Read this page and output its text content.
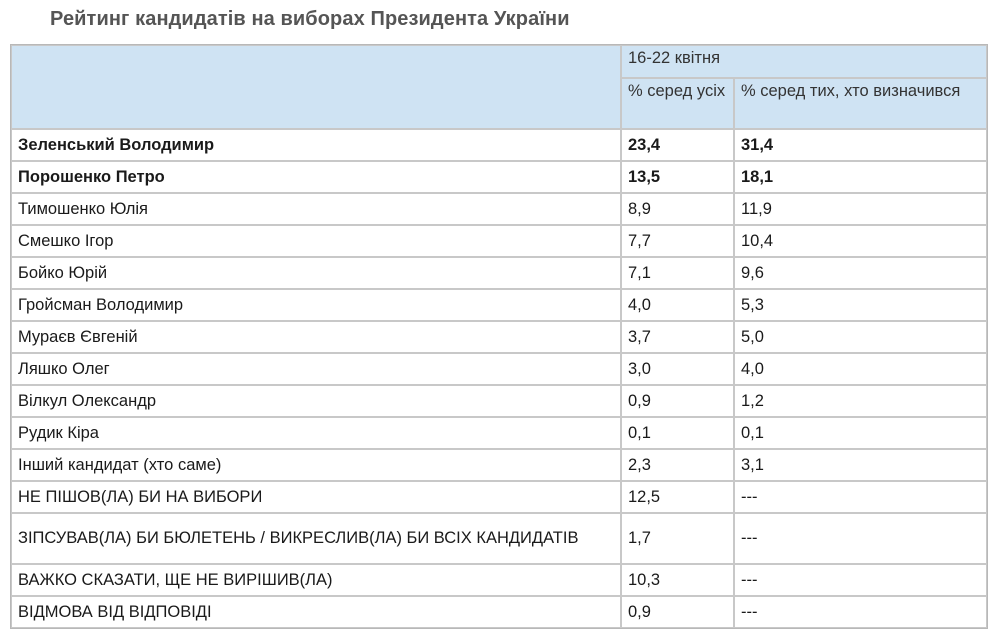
Рейтинг кандидатів на виборах Президента України
	16-22 квітня	
	% серед усіх	% серед тих, хто визначився
Зеленський Володимир	23,4	31,4
Порошенко Петро	13,5	18,1
Тимошенко Юлія	8,9	11,9
Смешко Ігор	7,7	10,4
Бойко Юрій	7,1	9,6
Гройсман Володимир	4,0	5,3
Мураєв Євгеній	3,7	5,0
Ляшко Олег	3,0	4,0
Вілкул Олександр	0,9	1,2
Рудик Кіра	0,1	0,1
Інший кандидат (хто саме)	2,3	3,1
НЕ ПІШОВ(ЛА) БИ НА ВИБОРИ	12,5	---
ЗІПСУВАВ(ЛА) БИ БЮЛЕТЕНЬ / ВИКРЕСЛИВ(ЛА) БИ ВСІХ КАНДИДАТІВ	1,7	---
ВАЖКО СКАЗАТИ, ЩЕ НЕ ВИРІШИВ(ЛА)	10,3	---
ВІДМОВА ВІД ВІДПОВІДІ	0,9	---
